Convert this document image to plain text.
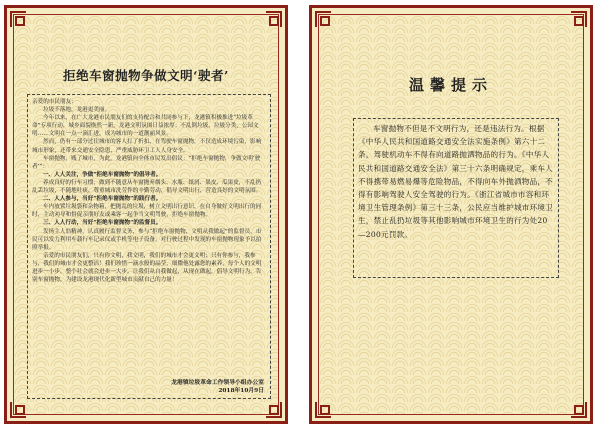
拒绝车窗抛物争做文明‘驶者’

亲爱的市民朋友：

垃圾不落地，龙港更美丽。

今年以来，在广大龙港市民朋友们的支持配合和共同参与下，龙港镇积极推进“垃圾革命”专项行动，城乡面貌焕然一新，龙港文明氛围日益浓厚；不乱倒垃圾，垃圾分类，公园文明……文明在一点一滴汇进，成为城市的一道靓丽风景。

然而，仍有一部分过往城市的客人打了折扣，在驾驶车窗抛物，不仅造成环境污染，影响城市形象，还带来交通安全隐患，严重威胁环卫工人人身安全。

车窗抛物，贱了城市，为此，龙港镇向全体市民发出倡议：“拒绝车窗抛物，争做文明‘驶者’”：

一、人人关注，争做“拒绝车窗抛物”的倡导者。

养成良好的行车习惯，做到不随意从车窗抛弃烟头、水瓶、纸屑、果皮、瓜果皮，不乱扔乱丢垃圾，不随地吐痰，尊重城市洗劳作的辛勤劳动，倡导文明出行，营造良好的文明氛围。

二、人人参与，当好“拒绝车窗抛物”的践行者。

车内放置垃圾袋和杂物箱，把抛乱的垃圾，树立文明出行意识，在自身做好文明出行的同时，主动劝导和督促亲朋好友或乘客一起争当文明驾驶，拒绝车窗抛物。

三、人人行动，当好“拒绝车窗抛物”的监督员。

发扬主人翁精神，认真履行监督义务，参与“拒绝车窗抛物，文明从我做起”的监督员，市民可以发力利用车载行车记录仪或手机等电子设备，对行驶过程中发现的车窗抛物现象予以拍照举报。

亲爱的市民朋友们，只有你文明，我文明，我们的城市才会更文明；只有你参与，我参与，我们的城市才会更整洁！我们珍惜一滴水般的晶莹，细微他处露您的素养，每个人的文明进步一小步，整个社会就会进步一大步。让我们从自我做起，从现在做起，倡导文明行为，告别车窗抛物，为建设龙港现代化新型城市贡献自己的力量！

龙港镇垃圾革命工作领导小组办公室
2018年10月9日
温馨提示

车窗抛物不但是不文明行为，还是违法行为。根据《中华人民共和国道路交通安全法实施条例》第六十二条，驾驶机动车不得有向道路抛洒物品的行为。《中华人民共和国道路交通安全法》第三十六条明确规定，乘车人不得携带易燃易爆等危险物品，不得向车外抛洒物品，不得有影响驾驶人安全驾驶的行为。《浙江省城市市容和环境卫生管理条例》第三十三条，公民应当维护城市环境卫生，禁止乱扔垃圾等其他影响城市环境卫生的行为处20—200元罚款。
